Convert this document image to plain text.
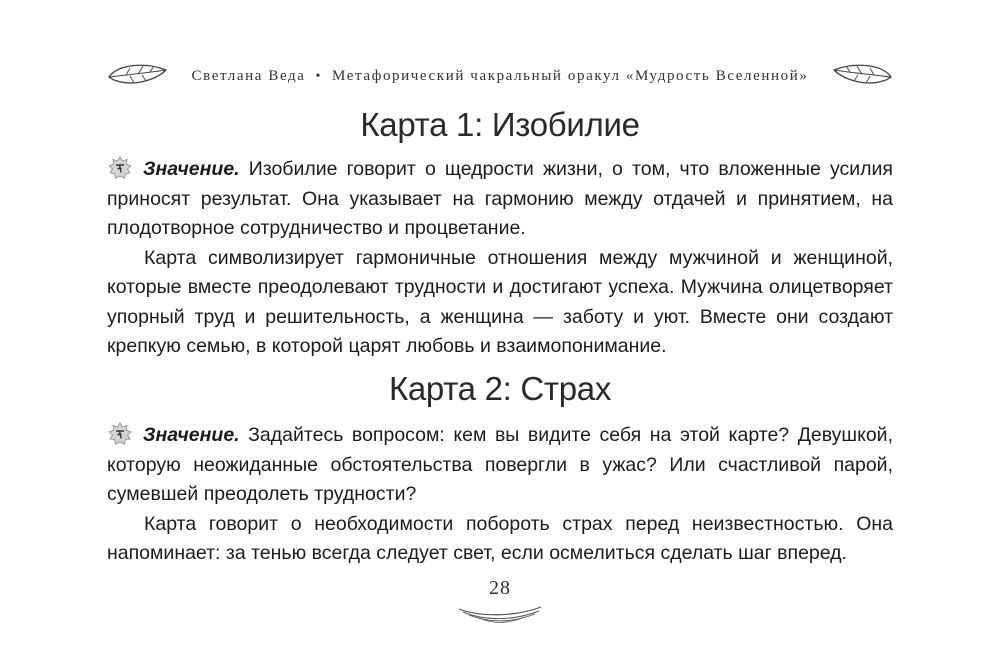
Светлана Веда • Метафорический чакральный оракул «Мудрость Вселенной»
Карта 1: Изобилие

Значение. Изобилие говорит о щедрости жизни, о том, что вложенные усилия приносят результат. Она указывает на гармонию между отдачей и принятием, на плодотворное сотрудничество и процветание.

Карта символизирует гармоничные отношения между мужчиной и женщиной, которые вместе преодолевают трудности и достигают успеха. Мужчина олицетворяет упорный труд и решительность, а женщина — заботу и уют. Вместе они создают крепкую семью, в которой царят любовь и взаимопонимание.

Карта 2: Страх

Значение. Задайтесь вопросом: кем вы видите себя на этой карте? Девушкой, которую неожиданные обстоятельства повергли в ужас? Или счастливой парой, сумевшей преодолеть трудности?

Карта говорит о необходимости побороть страх перед неизвестностью. Она напоминает: за тенью всегда следует свет, если осмелиться сделать шаг вперед.

28
